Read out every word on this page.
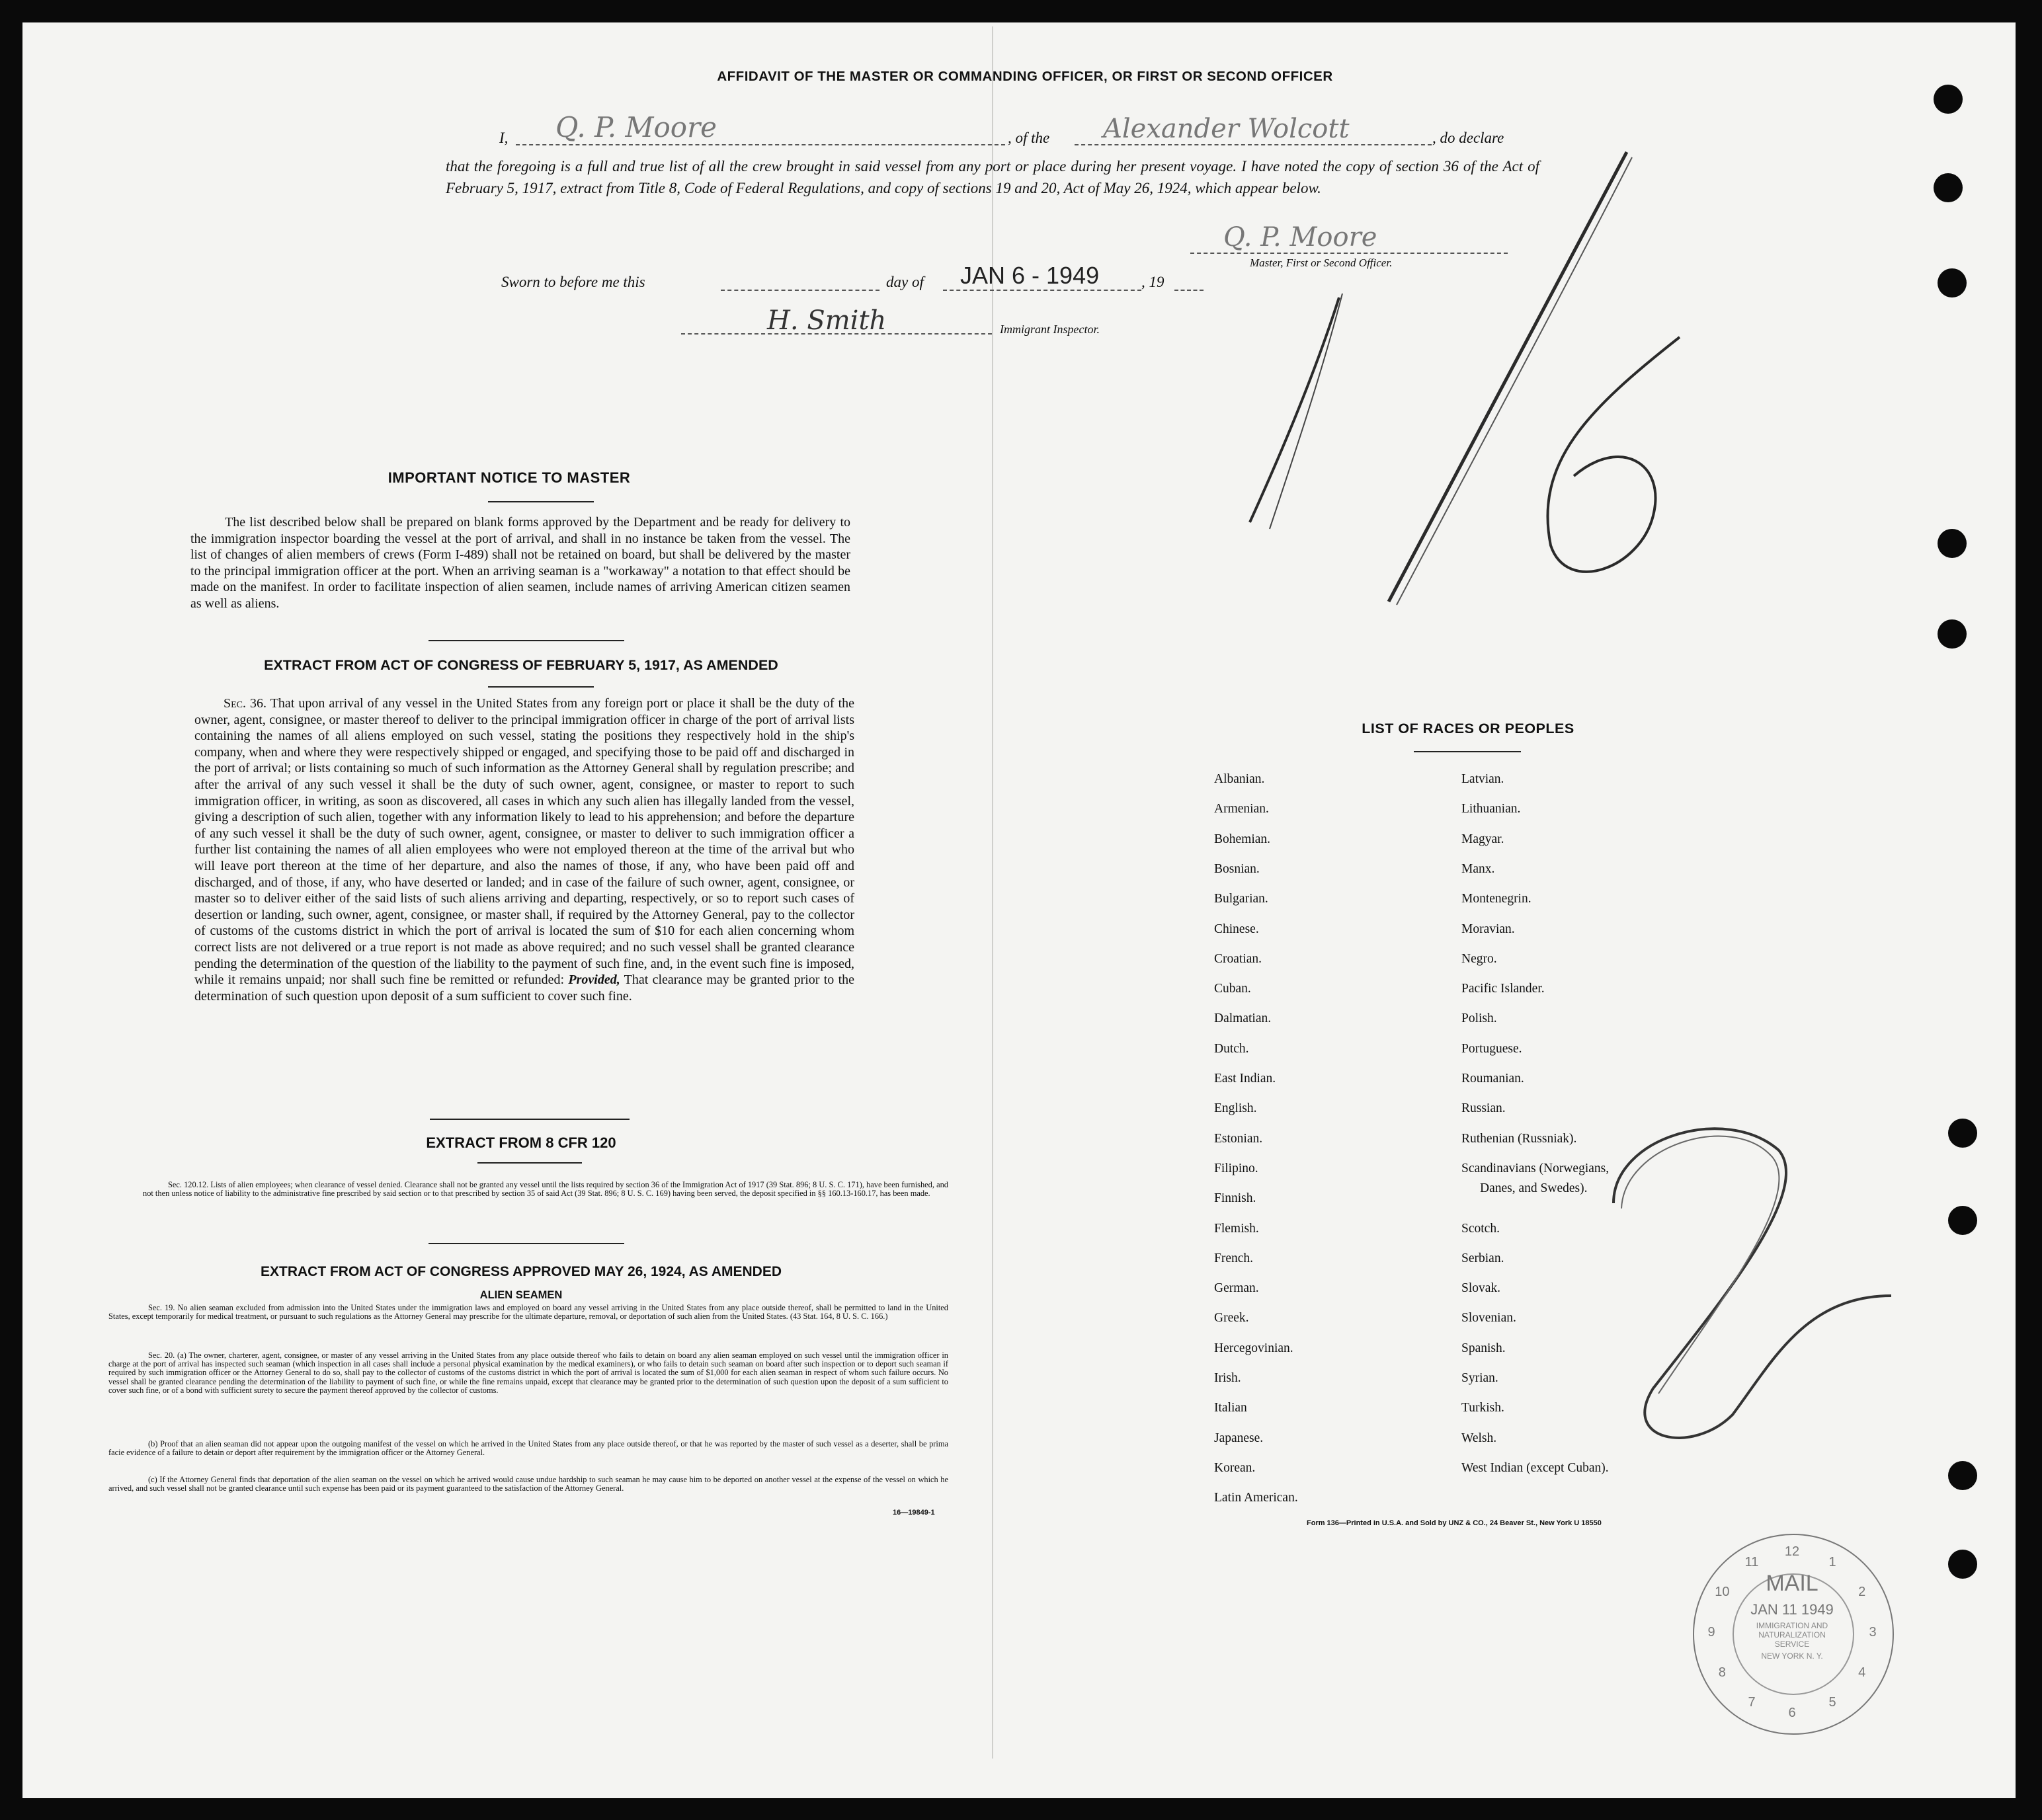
AFFIDAVIT OF THE MASTER OR COMMANDING OFFICER, OR FIRST OR SECOND OFFICER
I, Q. P. Moore	, of the Alexander Wolcott	, do declare
that the foregoing is a full and true list of all the crew brought in said vessel from any port or place during her present voyage. I have noted the copy of section 36 of the Act of February 5, 1917, extract from Title 8, Code of Federal Regulations, and copy of sections 19 and 20, Act of May 26, 1924, which appear below.
Q. P. Moore
Master, First or Second Officer.
Sworn to before me this	day of JAN 6 - 1949	, 19
H. Smith	Immigrant Inspector.
IMPORTANT NOTICE TO MASTER
The list described below shall be prepared on blank forms approved by the Department and be ready for delivery to the immigration inspector boarding the vessel at the port of arrival, and shall in no instance be taken from the vessel. The list of changes of alien members of crews (Form I-489) shall not be retained on board, but shall be delivered by the master to the principal immigration officer at the port. When an arriving seaman is a "workaway" a notation to that effect should be made on the manifest. In order to facilitate inspection of alien seamen, include names of arriving American citizen seamen as well as aliens.
EXTRACT FROM ACT OF CONGRESS OF FEBRUARY 5, 1917, AS AMENDED
Sec. 36. That upon arrival of any vessel in the United States from any foreign port or place it shall be the duty of the owner, agent, consignee, or master thereof to deliver to the principal immigration officer in charge of the port of arrival lists containing the names of all aliens employed on such vessel, stating the positions they respectively hold in the ship's company, when and where they were respectively shipped or engaged, and specifying those to be paid off and discharged in the port of arrival; or lists containing so much of such information as the Attorney General shall by regulation prescribe; and after the arrival of any such vessel it shall be the duty of such owner, agent, consignee, or master to report to such immigration officer, in writing, as soon as discovered, all cases in which any such alien has illegally landed from the vessel, giving a description of such alien, together with any information likely to lead to his apprehension; and before the departure of any such vessel it shall be the duty of such owner, agent, consignee, or master to deliver to such immigration officer a further list containing the names of all alien employees who were not employed thereon at the time of the arrival but who will leave port thereon at the time of her departure, and also the names of those, if any, who have been paid off and discharged, and of those, if any, who have deserted or landed; and in case of the failure of such owner, agent, consignee, or master so to deliver either of the said lists of such aliens arriving and departing, respectively, or so to report such cases of desertion or landing, such owner, agent, consignee, or master shall, if required by the Attorney General, pay to the collector of customs of the customs district in which the port of arrival is located the sum of $10 for each alien concerning whom correct lists are not delivered or a true report is not made as above required; and no such vessel shall be granted clearance pending the determination of the question of the liability to the payment of such fine, and, in the event such fine is imposed, while it remains unpaid; nor shall such fine be remitted or refunded: Provided, That clearance may be granted prior to the determination of such question upon deposit of a sum sufficient to cover such fine.
EXTRACT FROM 8 CFR 120
Sec. 120.12. Lists of alien employees; when clearance of vessel denied. Clearance shall not be granted any vessel until the lists required by section 36 of the Immigration Act of 1917 (39 Stat. 896; 8 U. S. C. 171), have been furnished, and not then unless notice of liability to the administrative fine prescribed by said section or to that prescribed by section 35 of said Act (39 Stat. 896; 8 U. S. C. 169) having been served, the deposit specified in §§ 160.13-160.17, has been made.
EXTRACT FROM ACT OF CONGRESS APPROVED MAY 26, 1924, AS AMENDED
ALIEN SEAMEN
Sec. 19. No alien seaman excluded from admission into the United States under the immigration laws and employed on board any vessel arriving in the United States from any place outside thereof, shall be permitted to land in the United States, except temporarily for medical treatment, or pursuant to such regulations as the Attorney General may prescribe for the ultimate departure, removal, or deportation of such alien from the United States. (43 Stat. 164, 8 U. S. C. 166.)
Sec. 20. (a) The owner, charterer, agent, consignee, or master of any vessel arriving in the United States from any place outside thereof who fails to detain on board any alien seaman employed on such vessel until the immigration officer in charge at the port of arrival has inspected such seaman (which inspection in all cases shall include a personal physical examination by the medical examiners), or who fails to detain such seaman on board after such inspection or to deport such seaman if required by such immigration officer or the Attorney General to do so, shall pay to the collector of customs of the customs district in which the port of arrival is located the sum of $1,000 for each alien seaman in respect of whom such failure occurs. No vessel shall be granted clearance pending the determination of the liability to payment of such fine, or while the fine remains unpaid, except that clearance may be granted prior to the determination of such question upon the deposit of a sum sufficient to cover such fine, or of a bond with sufficient surety to secure the payment thereof approved by the collector of customs.
(b) Proof that an alien seaman did not appear upon the outgoing manifest of the vessel on which he arrived in the United States from any place outside thereof, or that he was reported by the master of such vessel as a deserter, shall be prima facie evidence of a failure to detain or deport after requirement by the immigration officer or the Attorney General.
(c) If the Attorney General finds that deportation of the alien seaman on the vessel on which he arrived would cause undue hardship to such seaman he may cause him to be deported on another vessel at the expense of the vessel on which he arrived, and such vessel shall not be granted clearance until such expense has been paid or its payment guaranteed to the satisfaction of the Attorney General.
16—19849-1
LIST OF RACES OR PEOPLES
Albanian.
Armenian.
Bohemian.
Bosnian.
Bulgarian.
Chinese.
Croatian.
Cuban.
Dalmatian.
Dutch.
East Indian.
English.
Estonian.
Filipino.
Finnish.
Flemish.
French.
German.
Greek.
Hercegovinian.
Irish.
Italian
Japanese.
Korean.
Latin American.
Latvian.
Lithuanian.
Magyar.
Manx.
Montenegrin.
Moravian.
Negro.
Pacific Islander.
Polish.
Portuguese.
Roumanian.
Russian.
Ruthenian (Russniak).
Scandinavians (Norwegians,
Danes, and Swedes).
Scotch.
Serbian.
Slovak.
Slovenian.
Spanish.
Syrian.
Turkish.
Welsh.
West Indian (except Cuban).
Form 136—Printed in U.S.A. and Sold by UNZ & CO., 24 Beaver St., New York U 18550
1
2
3
4
5
6
7
8
9
10
11
12
MAIL
JAN 11 1949
IMMIGRATION AND NATURALIZATION SERVICE
NEW YORK N. Y.
